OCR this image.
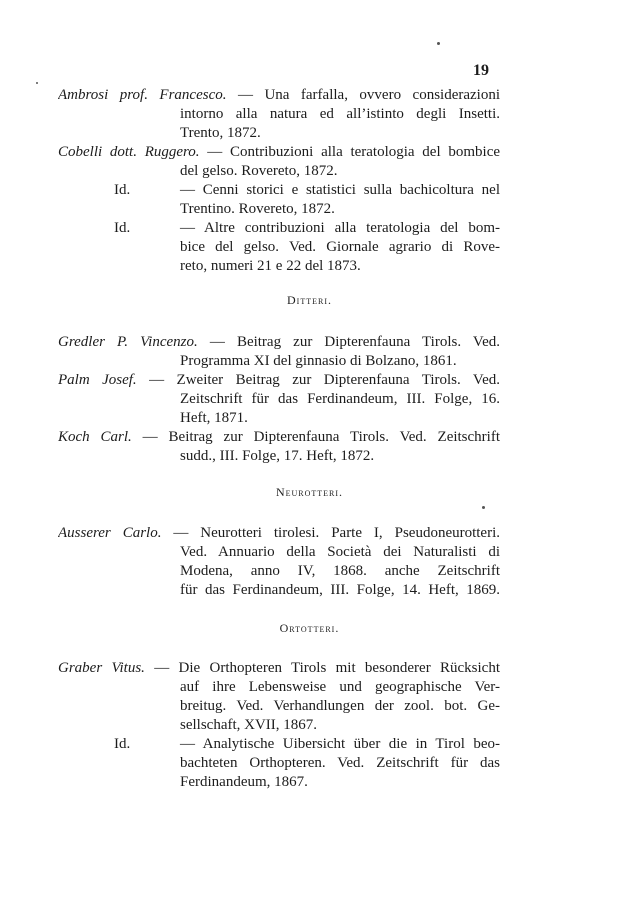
19
Ambrosi prof. Francesco. — Una farfalla, ovvero considerazioni
intorno alla natura ed all’istinto degli Insetti.
Trento, 1872.
Cobelli dott. Ruggero. — Contribuzioni alla teratologia del bombice
del gelso. Rovereto, 1872.
Id.	— Cenni storici e statistici sulla bachicoltura nel
Trentino. Rovereto, 1872.
Id.	— Altre contribuzioni alla teratologia del bom-
bice del gelso. Ved. Giornale agrario di Rove-
reto, numeri 21 e 22 del 1873.
Ditteri.
Gredler P. Vincenzo. — Beitrag zur Dipterenfauna Tirols. Ved.
Programma XI del ginnasio di Bolzano, 1861.
Palm Josef. — Zweiter Beitrag zur Dipterenfauna Tirols. Ved.
Zeitschrift für das Ferdinandeum, III. Folge, 16.
Heft, 1871.
Koch Carl. — Beitrag zur Dipterenfauna Tirols. Ved. Zeitschrift
sudd., III. Folge, 17. Heft, 1872.
Neurotteri.
Ausserer Carlo. — Neurotteri tirolesi. Parte I, Pseudoneurotteri.
Ved. Annuario della Società dei Naturalisti di
Modena, anno IV, 1868. anche Zeitschrift
für das Ferdinandeum, III. Folge, 14. Heft, 1869.
Ortotteri.
Graber Vitus. — Die Orthopteren Tirols mit besonderer Rücksicht
auf ihre Lebensweise und geographische Ver-
breitug. Ved. Verhandlungen der zool. bot. Ge-
sellschaft, XVII, 1867.
Id.	— Analytische Uibersicht über die in Tirol beo-
bachteten Orthopteren. Ved. Zeitschrift für das
Ferdinandeum, 1867.
